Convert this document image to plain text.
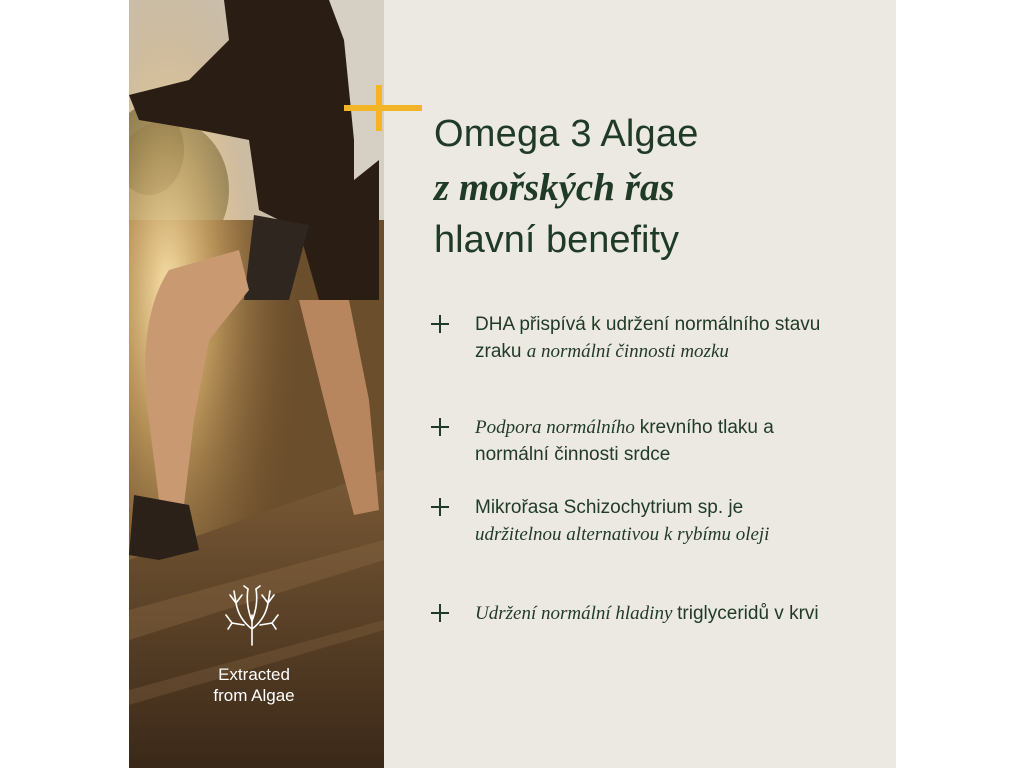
Omega 3 Algae
z mořských řas
hlavní benefity
DHA přispívá k udržení normálního stavu zraku a normální činnosti mozku
Podpora normálního krevního tlaku a normální činnosti srdce
Mikrořasa Schizochytrium sp. je udržitelnou alternativou k rybímu oleji
Udržení normální hladiny triglyceridů v krvi
Extracted
from Algae
